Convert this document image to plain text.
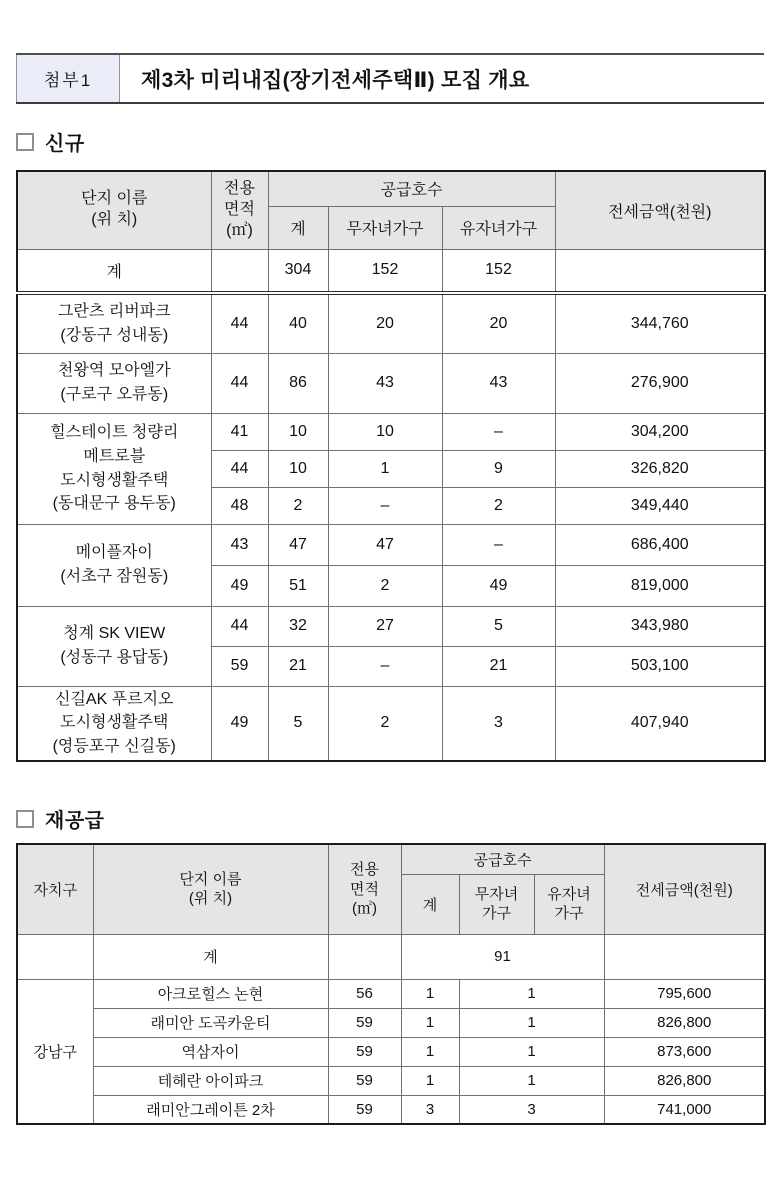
첨부1	제3차 미리내집(장기전세주택Ⅱ) 모집 개요
신규
단지 이름
(위 치)

전용
면적
(㎡)
	공급호수	전세금액(천원)
		계	무자녀가구	유자녀가구	
계		304	152	152	

그란츠 리버파크
(강동구 성내동)	44	40	20	20	344,760

천왕역 모아엘가
(구로구 오류동)	44	86	43	43	276,900

힐스테이트 청량리
메트로블
도시형생활주택
(동대문구 용두동)	41	10	10	–	304,200
	44	10	1	9	326,820
	48	2	–	2	349,440

메이플자이
(서초구 잠원동)	43	47	47	–	686,400
	49	51	2	49	819,000

청계 SK VIEW
(성동구 용답동)	44	32	27	5	343,980
	59	21	–	21	503,100

신길AK 푸르지오
도시형생활주택
(영등포구 신길동)	49	5	2	3	407,940
재공급
자치구	
단지 이름
(위 치)

전용
면적
(㎡)
	공급호수	전세금액(천원)
계	
무자녀
가구

유자녀
가구

	계		91			
강남구	아크로힐스 논현	56	1	1		795,600
	래미안 도곡카운티	59	1	1		826,800
	역삼자이	59	1	1		873,600
	테헤란 아이파크	59	1	1		826,800
	래미안그레이튼 2차	59	3	3		741,000
